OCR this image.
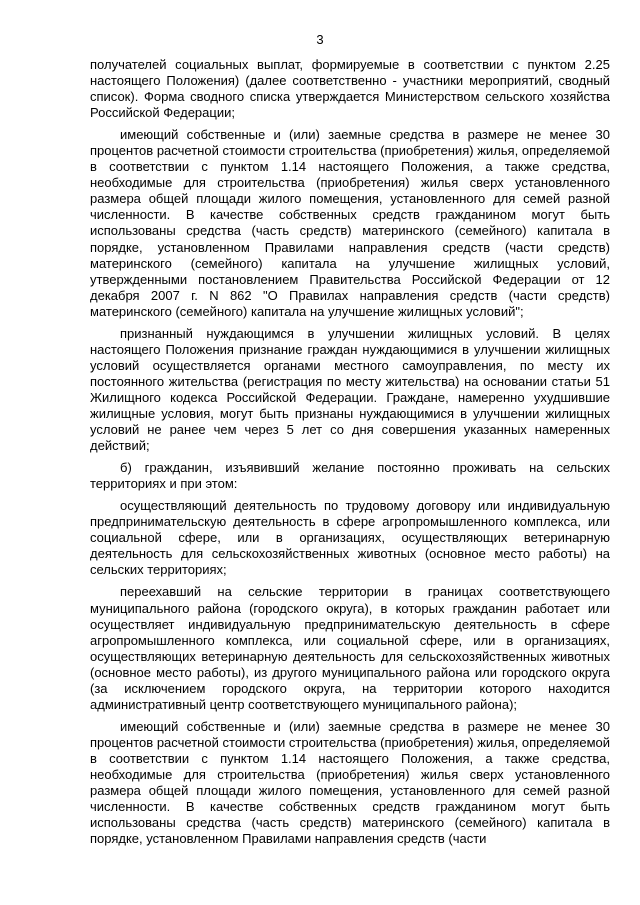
3

получателей социальных выплат, формируемые в соответствии с пунктом 2.25 настоящего Положения) (далее соответственно - участники мероприятий, сводный список). Форма сводного списка утверждается Министерством сельского хозяйства Российской Федерации;

имеющий собственные и (или) заемные средства в размере не менее 30 процентов расчетной стоимости строительства (приобретения) жилья, определяемой в соответствии с пунктом 1.14 настоящего Положения, а также средства, необходимые для строительства (приобретения) жилья сверх установленного размера общей площади жилого помещения, установленного для семей разной численности. В качестве собственных средств гражданином могут быть использованы средства (часть средств) материнского (семейного) капитала в порядке, установленном Правилами направления средств (части средств) материнского (семейного) капитала на улучшение жилищных условий, утвержденными постановлением Правительства Российской Федерации от 12 декабря 2007 г. N 862 "О Правилах направления средств (части средств) материнского (семейного) капитала на улучшение жилищных условий";

признанный нуждающимся в улучшении жилищных условий. В целях настоящего Положения признание граждан нуждающимися в улучшении жилищных условий осуществляется органами местного самоуправления, по месту их постоянного жительства (регистрация по месту жительства) на основании статьи 51 Жилищного кодекса Российской Федерации. Граждане, намеренно ухудшившие жилищные условия, могут быть признаны нуждающимися в улучшении жилищных условий не ранее чем через 5 лет со дня совершения указанных намеренных действий;

б) гражданин, изъявивший желание постоянно проживать на сельских территориях и при этом:

осуществляющий деятельность по трудовому договору или индивидуальную предпринимательскую деятельность в сфере агропромышленного комплекса, или социальной сфере, или в организациях, осуществляющих ветеринарную деятельность для сельскохозяйственных животных (основное место работы) на сельских территориях;

переехавший на сельские территории в границах соответствующего муниципального района (городского округа), в которых гражданин работает или осуществляет индивидуальную предпринимательскую деятельность в сфере агропромышленного комплекса, или социальной сфере, или в организациях, осуществляющих ветеринарную деятельность для сельскохозяйственных животных (основное место работы), из другого муниципального района или городского округа (за исключением городского округа, на территории которого находится административный центр соответствующего муниципального района);

имеющий собственные и (или) заемные средства в размере не менее 30 процентов расчетной стоимости строительства (приобретения) жилья, определяемой в соответствии с пунктом 1.14 настоящего Положения, а также средства, необходимые для строительства (приобретения) жилья сверх установленного размера общей площади жилого помещения, установленного для семей разной численности. В качестве собственных средств гражданином могут быть использованы средства (часть средств) материнского (семейного) капитала в порядке, установленном Правилами направления средств (части
